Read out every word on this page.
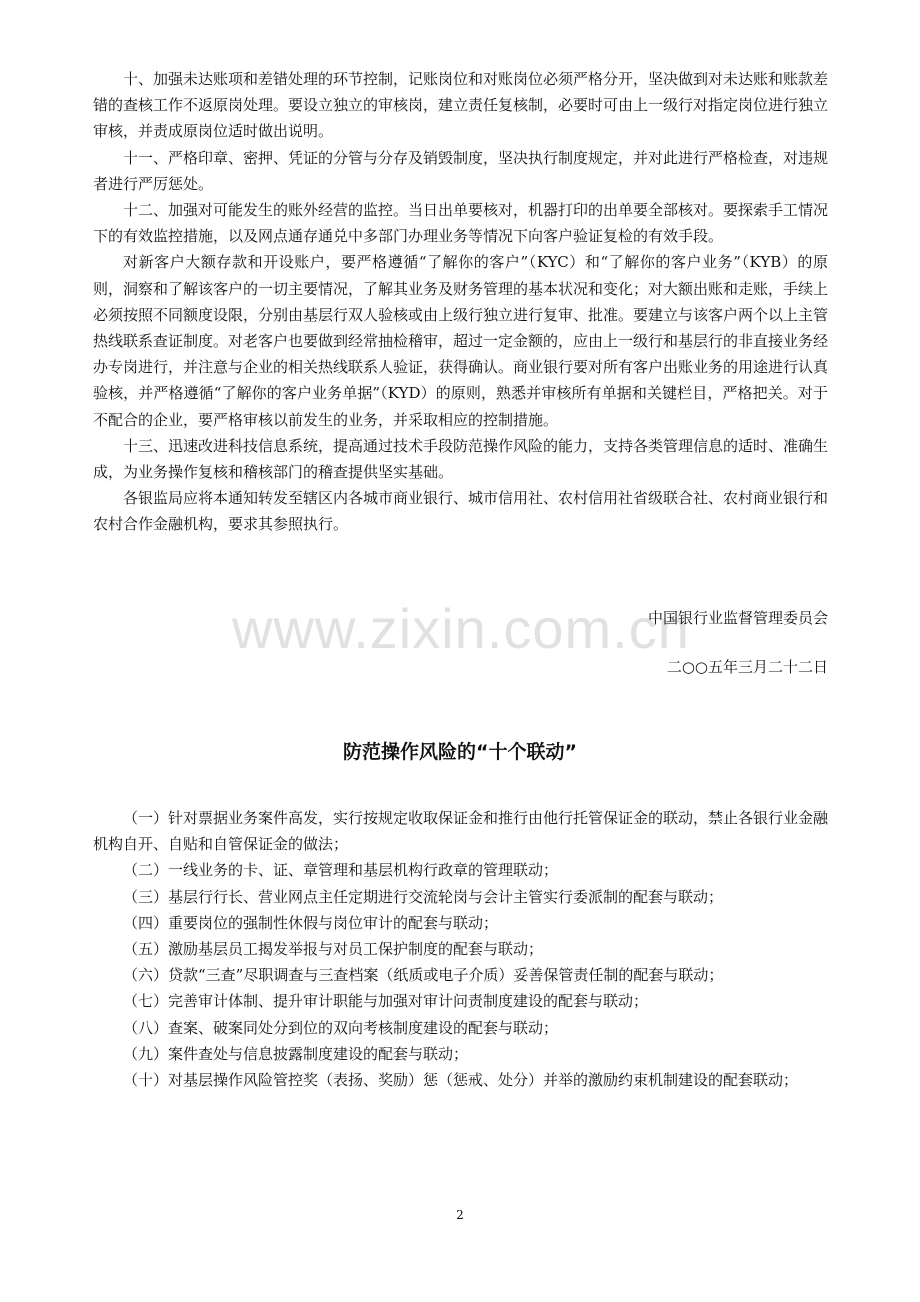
十、加强未达账项和差错处理的环节控制，记账岗位和对账岗位必须严格分开，坚决做到对未达账和账款差错的查核工作不返原岗处理。要设立独立的审核岗，建立责任复核制，必要时可由上一级行对指定岗位进行独立审核，并责成原岗位适时做出说明。

十一、严格印章、密押、凭证的分管与分存及销毁制度，坚决执行制度规定，并对此进行严格检查，对违规者进行严厉惩处。

十二、加强对可能发生的账外经营的监控。当日出单要核对，机器打印的出单要全部核对。要探索手工情况下的有效监控措施，以及网点通存通兑中多部门办理业务等情况下向客户验证复检的有效手段。

对新客户大额存款和开设账户，要严格遵循“了解你的客户”（KYC）和“了解你的客户业务”（KYB）的原则，洞察和了解该客户的一切主要情况，了解其业务及财务管理的基本状况和变化；对大额出账和走账，手续上必须按照不同额度设限，分别由基层行双人验核或由上级行独立进行复审、批准。要建立与该客户两个以上主管热线联系查证制度。对老客户也要做到经常抽检稽审，超过一定金额的，应由上一级行和基层行的非直接业务经办专岗进行，并注意与企业的相关热线联系人验证，获得确认。商业银行要对所有客户出账业务的用途进行认真验核，并严格遵循“了解你的客户业务单据”（KYD）的原则，熟悉并审核所有单据和关键栏目，严格把关。对于不配合的企业，要严格审核以前发生的业务，并采取相应的控制措施。

十三、迅速改进科技信息系统，提高通过技术手段防范操作风险的能力，支持各类管理信息的适时、准确生成，为业务操作复核和稽核部门的稽查提供坚实基础。

各银监局应将本通知转发至辖区内各城市商业银行、城市信用社、农村信用社省级联合社、农村商业银行和农村合作金融机构，要求其参照执行。

www.zixin.com.cn
中国银行业监督管理委员会
二○○五年三月二十二日
防范操作风险的“十个联动”

（一）针对票据业务案件高发，实行按规定收取保证金和推行由他行托管保证金的联动，禁止各银行业金融机构自开、自贴和自管保证金的做法；

（二）一线业务的卡、证、章管理和基层机构行政章的管理联动；

（三）基层行行长、营业网点主任定期进行交流轮岗与会计主管实行委派制的配套与联动；

（四）重要岗位的强制性休假与岗位审计的配套与联动；

（五）激励基层员工揭发举报与对员工保护制度的配套与联动；

（六）贷款“三查”尽职调查与三查档案（纸质或电子介质）妥善保管责任制的配套与联动；

（七）完善审计体制、提升审计职能与加强对审计问责制度建设的配套与联动；

（八）查案、破案同处分到位的双向考核制度建设的配套与联动；

（九）案件查处与信息披露制度建设的配套与联动；

（十）对基层操作风险管控奖（表扬、奖励）惩（惩戒、处分）并举的激励约束机制建设的配套联动；

2
